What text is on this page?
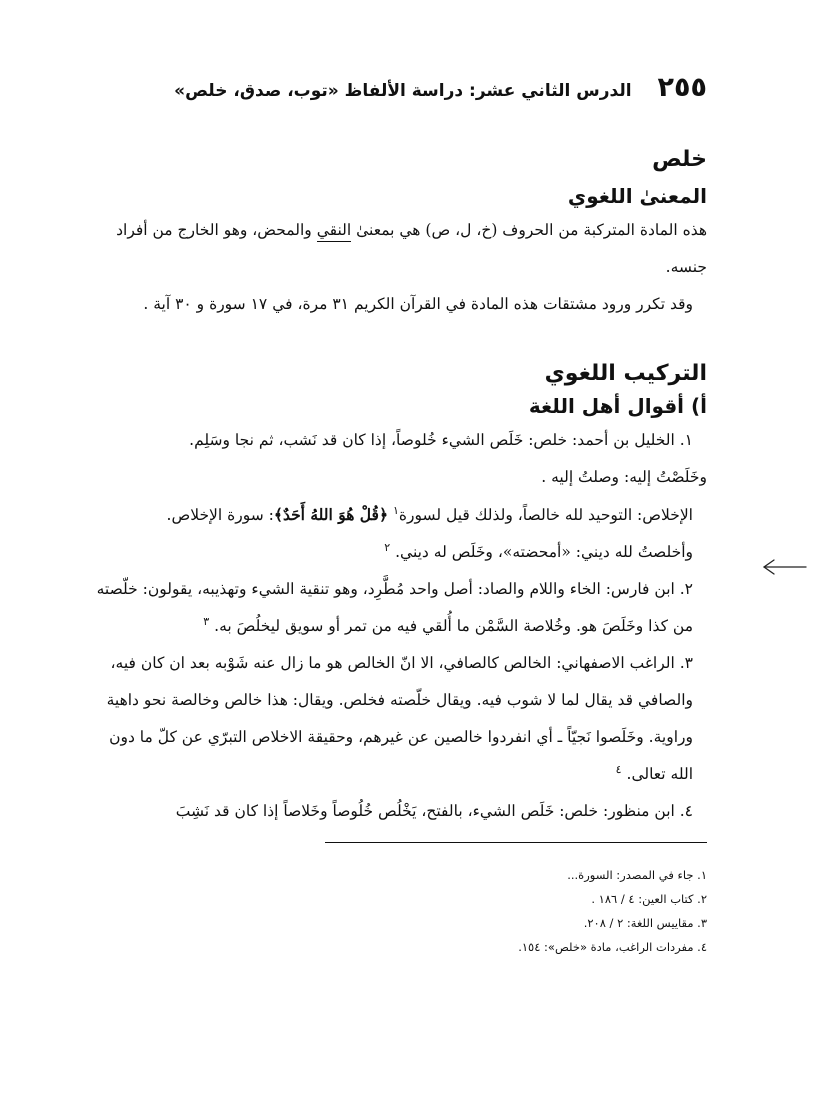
٢٥٥
الدرس الثاني عشر: دراسة الألفاظ «توب، صدق، خلص»
خلص
المعنىٰ اللغوي

هذه المادة المتركبة من الحروف (خ، ل، ص) هي بمعنىٰ النقي والمحض، وهو الخارج من أفراد جنسه.

وقد تكرر ورود مشتقات هذه المادة في القرآن الكريم ٣١ مرة، في ١٧ سورة و ٣٠ آية .

التركيب اللغوي
أ) أقوال أهل اللغة

١. الخليل بن أحمد: خلص: خَلَص الشيء خُلوصاً، إذا كان قد نَشب، ثم نجا وسَلِم.

وخَلَصْتُ إليه: وصلتُ إليه .

الإخلاص: التوحيد لله خالصاً، ولذلك قيل لسورة$^١$ ﴿قُلْ هُوَ اللهُ أَحَدٌ﴾: سورة الإخلاص.

وأخلصتُ لله ديني: «أمحضته»، وخَلَص له ديني. $^٢$

٢. ابن فارس: الخاء واللام والصاد: أصل واحد مُطَّرِد، وهو تنقية الشيء وتهذيبه، يقولون: خلّصته من كذا وخَلَصَ هو. وخُلاصة السَّمْن ما أُلقي فيه من تمر أو سويق ليخلُصَ به. $^٣$

٣. الراغب الاصفهاني: الخالص كالصافي، الا انّ الخالص هو ما زال عنه شَوْبه بعد ان كان فيه، والصافي قد يقال لما لا شوب فيه. ويقال خلّصته فخلص. ويقال: هذا خالص وخالصة نحو داهية وراوية. وخَلَصوا نَجيّاً ـ أي انفردوا خالصين عن غيرهم، وحقيقة الاخلاص التبرّي عن كلّ ما دون الله تعالى. $^٤$

٤. ابن منظور: خلص: خَلَص الشيء، بالفتح، يَخْلُص خُلُوصاً وخَلاصاً إذا كان قد نَشِبَ

١. جاء في المصدر: السورة...
٢. كتاب العين: ٤ / ١٨٦ .
٣. مقاييس اللغة: ٢ / ٢٠٨.
٤. مفردات الراغب، مادة «خلص»: ١٥٤.
